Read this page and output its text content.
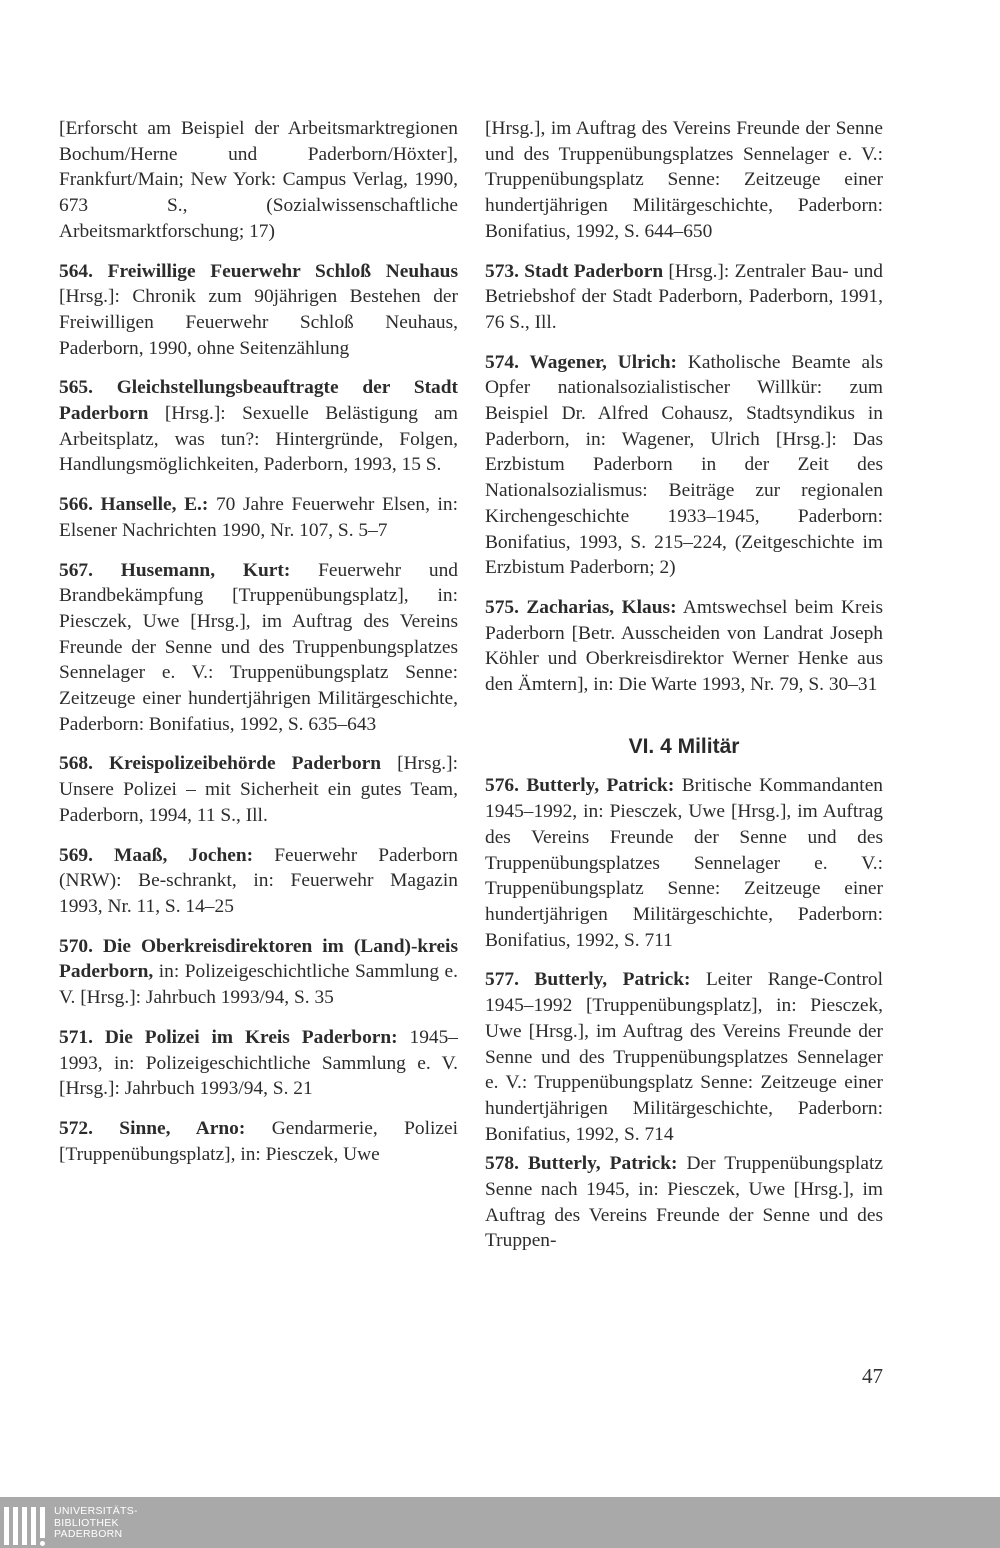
[Erforscht am Beispiel der Arbeitsmarktregionen Bochum/Herne und Paderborn/Höxter], Frankfurt/Main; New York: Campus Verlag, 1990, 673 S., (Sozialwissenschaftliche Arbeitsmarktforschung; 17)

564. Freiwillige Feuerwehr Schloß Neuhaus [Hrsg.]: Chronik zum 90jährigen Bestehen der Freiwilligen Feuerwehr Schloß Neuhaus, Paderborn, 1990, ohne Seitenzählung

565. Gleichstellungsbeauftragte der Stadt Paderborn [Hrsg.]: Sexuelle Belästigung am Arbeitsplatz, was tun?: Hintergründe, Folgen, Handlungsmöglichkeiten, Paderborn, 1993, 15 S.

566. Hanselle, E.: 70 Jahre Feuerwehr Elsen, in: Elsener Nachrichten 1990, Nr. 107, S. 5–7

567. Husemann, Kurt: Feuerwehr und Brandbekämpfung [Truppenübungsplatz], in: Piesczek, Uwe [Hrsg.], im Auftrag des Vereins Freunde der Senne und des Truppenbungsplatzes Sennelager e. V.: Truppenübungsplatz Senne: Zeitzeuge einer hundertjährigen Militärgeschichte, Paderborn: Bonifatius, 1992, S. 635–643

568. Kreispolizeibehörde Paderborn [Hrsg.]: Unsere Polizei – mit Sicherheit ein gutes Team, Paderborn, 1994, 11 S., Ill.

569. Maaß, Jochen: Feuerwehr Paderborn (NRW): Be-schrankt, in: Feuerwehr Magazin 1993, Nr. 11, S. 14–25

570. Die Oberkreisdirektoren im (Land)-kreis Paderborn, in: Polizeigeschichtliche Sammlung e. V. [Hrsg.]: Jahrbuch 1993/94, S. 35

571. Die Polizei im Kreis Paderborn: 1945–1993, in: Polizeigeschichtliche Sammlung e. V. [Hrsg.]: Jahrbuch 1993/94, S. 21

572. Sinne, Arno: Gendarmerie, Polizei [Truppenübungsplatz], in: Piesczek, Uwe

[Hrsg.], im Auftrag des Vereins Freunde der Senne und des Truppenübungsplatzes Sennelager e. V.: Truppenübungsplatz Senne: Zeitzeuge einer hundertjährigen Militärgeschichte, Paderborn: Bonifatius, 1992, S. 644–650

573. Stadt Paderborn [Hrsg.]: Zentraler Bau- und Betriebshof der Stadt Paderborn, Paderborn, 1991, 76 S., Ill.

574. Wagener, Ulrich: Katholische Beamte als Opfer nationalsozialistischer Willkür: zum Beispiel Dr. Alfred Cohausz, Stadtsyndikus in Paderborn, in: Wagener, Ulrich [Hrsg.]: Das Erzbistum Paderborn in der Zeit des Nationalsozialismus: Beiträge zur regionalen Kirchengeschichte 1933–1945, Paderborn: Bonifatius, 1993, S. 215–224, (Zeitgeschichte im Erzbistum Paderborn; 2)

575. Zacharias, Klaus: Amtswechsel beim Kreis Paderborn [Betr. Ausscheiden von Landrat Joseph Köhler und Oberkreisdirektor Werner Henke aus den Ämtern], in: Die Warte 1993, Nr. 79, S. 30–31

VI. 4 Militär

576. Butterly, Patrick: Britische Kommandanten 1945–1992, in: Piesczek, Uwe [Hrsg.], im Auftrag des Vereins Freunde der Senne und des Truppenübungsplatzes Sennelager e. V.: Truppenübungsplatz Senne: Zeitzeuge einer hundertjährigen Militärgeschichte, Paderborn: Bonifatius, 1992, S. 711

577. Butterly, Patrick: Leiter Range-Control 1945–1992 [Truppenübungsplatz], in: Piesczek, Uwe [Hrsg.], im Auftrag des Vereins Freunde der Senne und des Truppenübungsplatzes Sennelager e. V.: Truppenübungsplatz Senne: Zeitzeuge einer hundertjährigen Militärgeschichte, Paderborn: Bonifatius, 1992, S. 714

578. Butterly, Patrick: Der Truppenübungsplatz Senne nach 1945, in: Piesczek, Uwe [Hrsg.], im Auftrag des Vereins Freunde der Senne und des Truppen-

47
UNIVERSITÄTS-
BIBLIOTHEK
PADERBORN
